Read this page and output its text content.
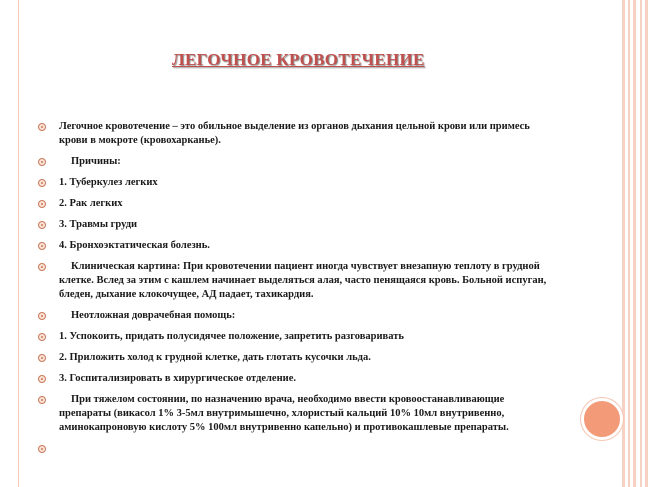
ЛЕГОЧНОЕ КРОВОТЕЧЕНИЕ
Легочное кровотечение – это обильное выделение из органов дыхания цельной крови или примесь крови в мокроте (кровохарканье).
Причины:
1. Туберкулез легких
2. Рак легких
3. Травмы груди
4. Бронхоэктатическая болезнь.
Клиническая картина: При кровотечении пациент иногда чувствует внезапную теплоту в грудной клетке. Вслед за этим с кашлем начинает выделяться алая, часто пенящаяся кровь. Больной испуган, бледен, дыхание клокочущее, АД падает, тахикардия.
Неотложная доврачебная помощь:
1. Успокоить, придать полусидячее положение, запретить разговаривать
2. Приложить холод к грудной клетке, дать глотать кусочки льда.
3. Госпитализировать в хирургическое отделение.
При тяжелом состоянии, по назначению врача, необходимо ввести кровоостанавливающие препараты (викасол 1% 3-5мл внутримышечно, хлористый кальций 10% 10мл внутривенно, аминокапроновую кислоту 5% 100мл внутривенно капельно) и противокашлевые препараты.
